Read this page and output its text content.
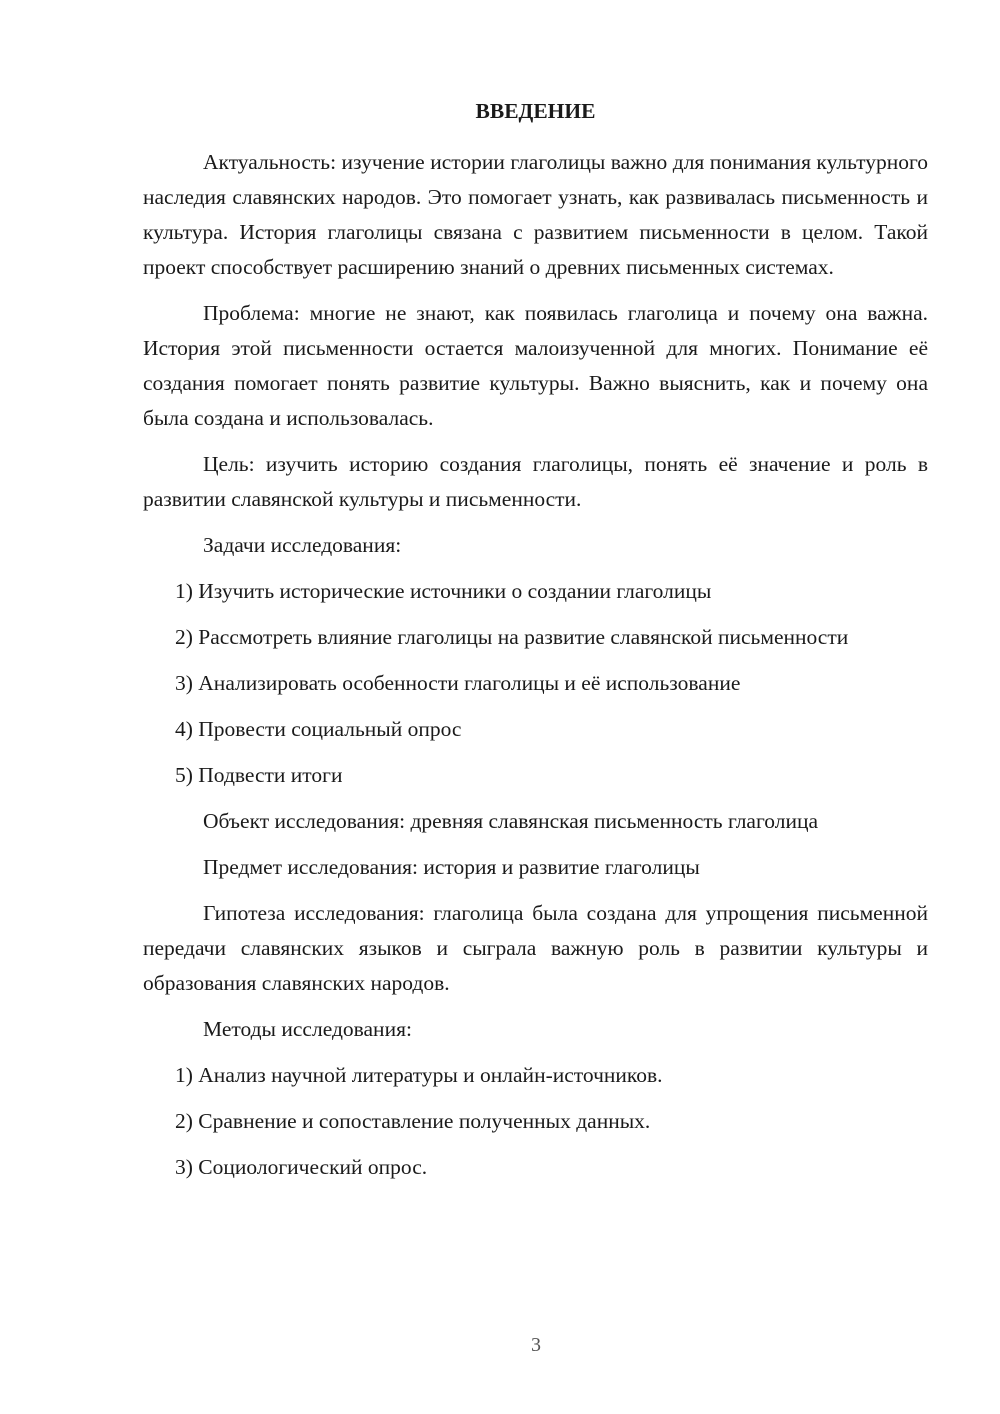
ВВЕДЕНИЕ

Актуальность: изучение истории глаголицы важно для понимания культурного наследия славянских народов. Это помогает узнать, как развивалась письменность и культура. История глаголицы связана с развитием письменности в целом. Такой проект способствует расширению знаний о древних письменных системах.

Проблема: многие не знают, как появилась глаголица и почему она важна. История этой письменности остается малоизученной для многих. Понимание её создания помогает понять развитие культуры. Важно выяснить, как и почему она была создана и использовалась.

Цель: изучить историю создания глаголицы, понять её значение и роль в развитии славянской культуры и письменности.

Задачи исследования:

1) Изучить исторические источники о создании глаголицы

2) Рассмотреть влияние глаголицы на развитие славянской письменности

3) Анализировать особенности глаголицы и её использование

4) Провести социальный опрос

5) Подвести итоги

Объект исследования: древняя славянская письменность глаголица

Предмет исследования: история и развитие глаголицы

Гипотеза исследования: глаголица была создана для упрощения письменной передачи славянских языков и сыграла важную роль в развитии культуры и образования славянских народов.

Методы исследования:

1) Анализ научной литературы и онлайн-источников.

2) Сравнение и сопоставление полученных данных.

3) Социологический опрос.

3
